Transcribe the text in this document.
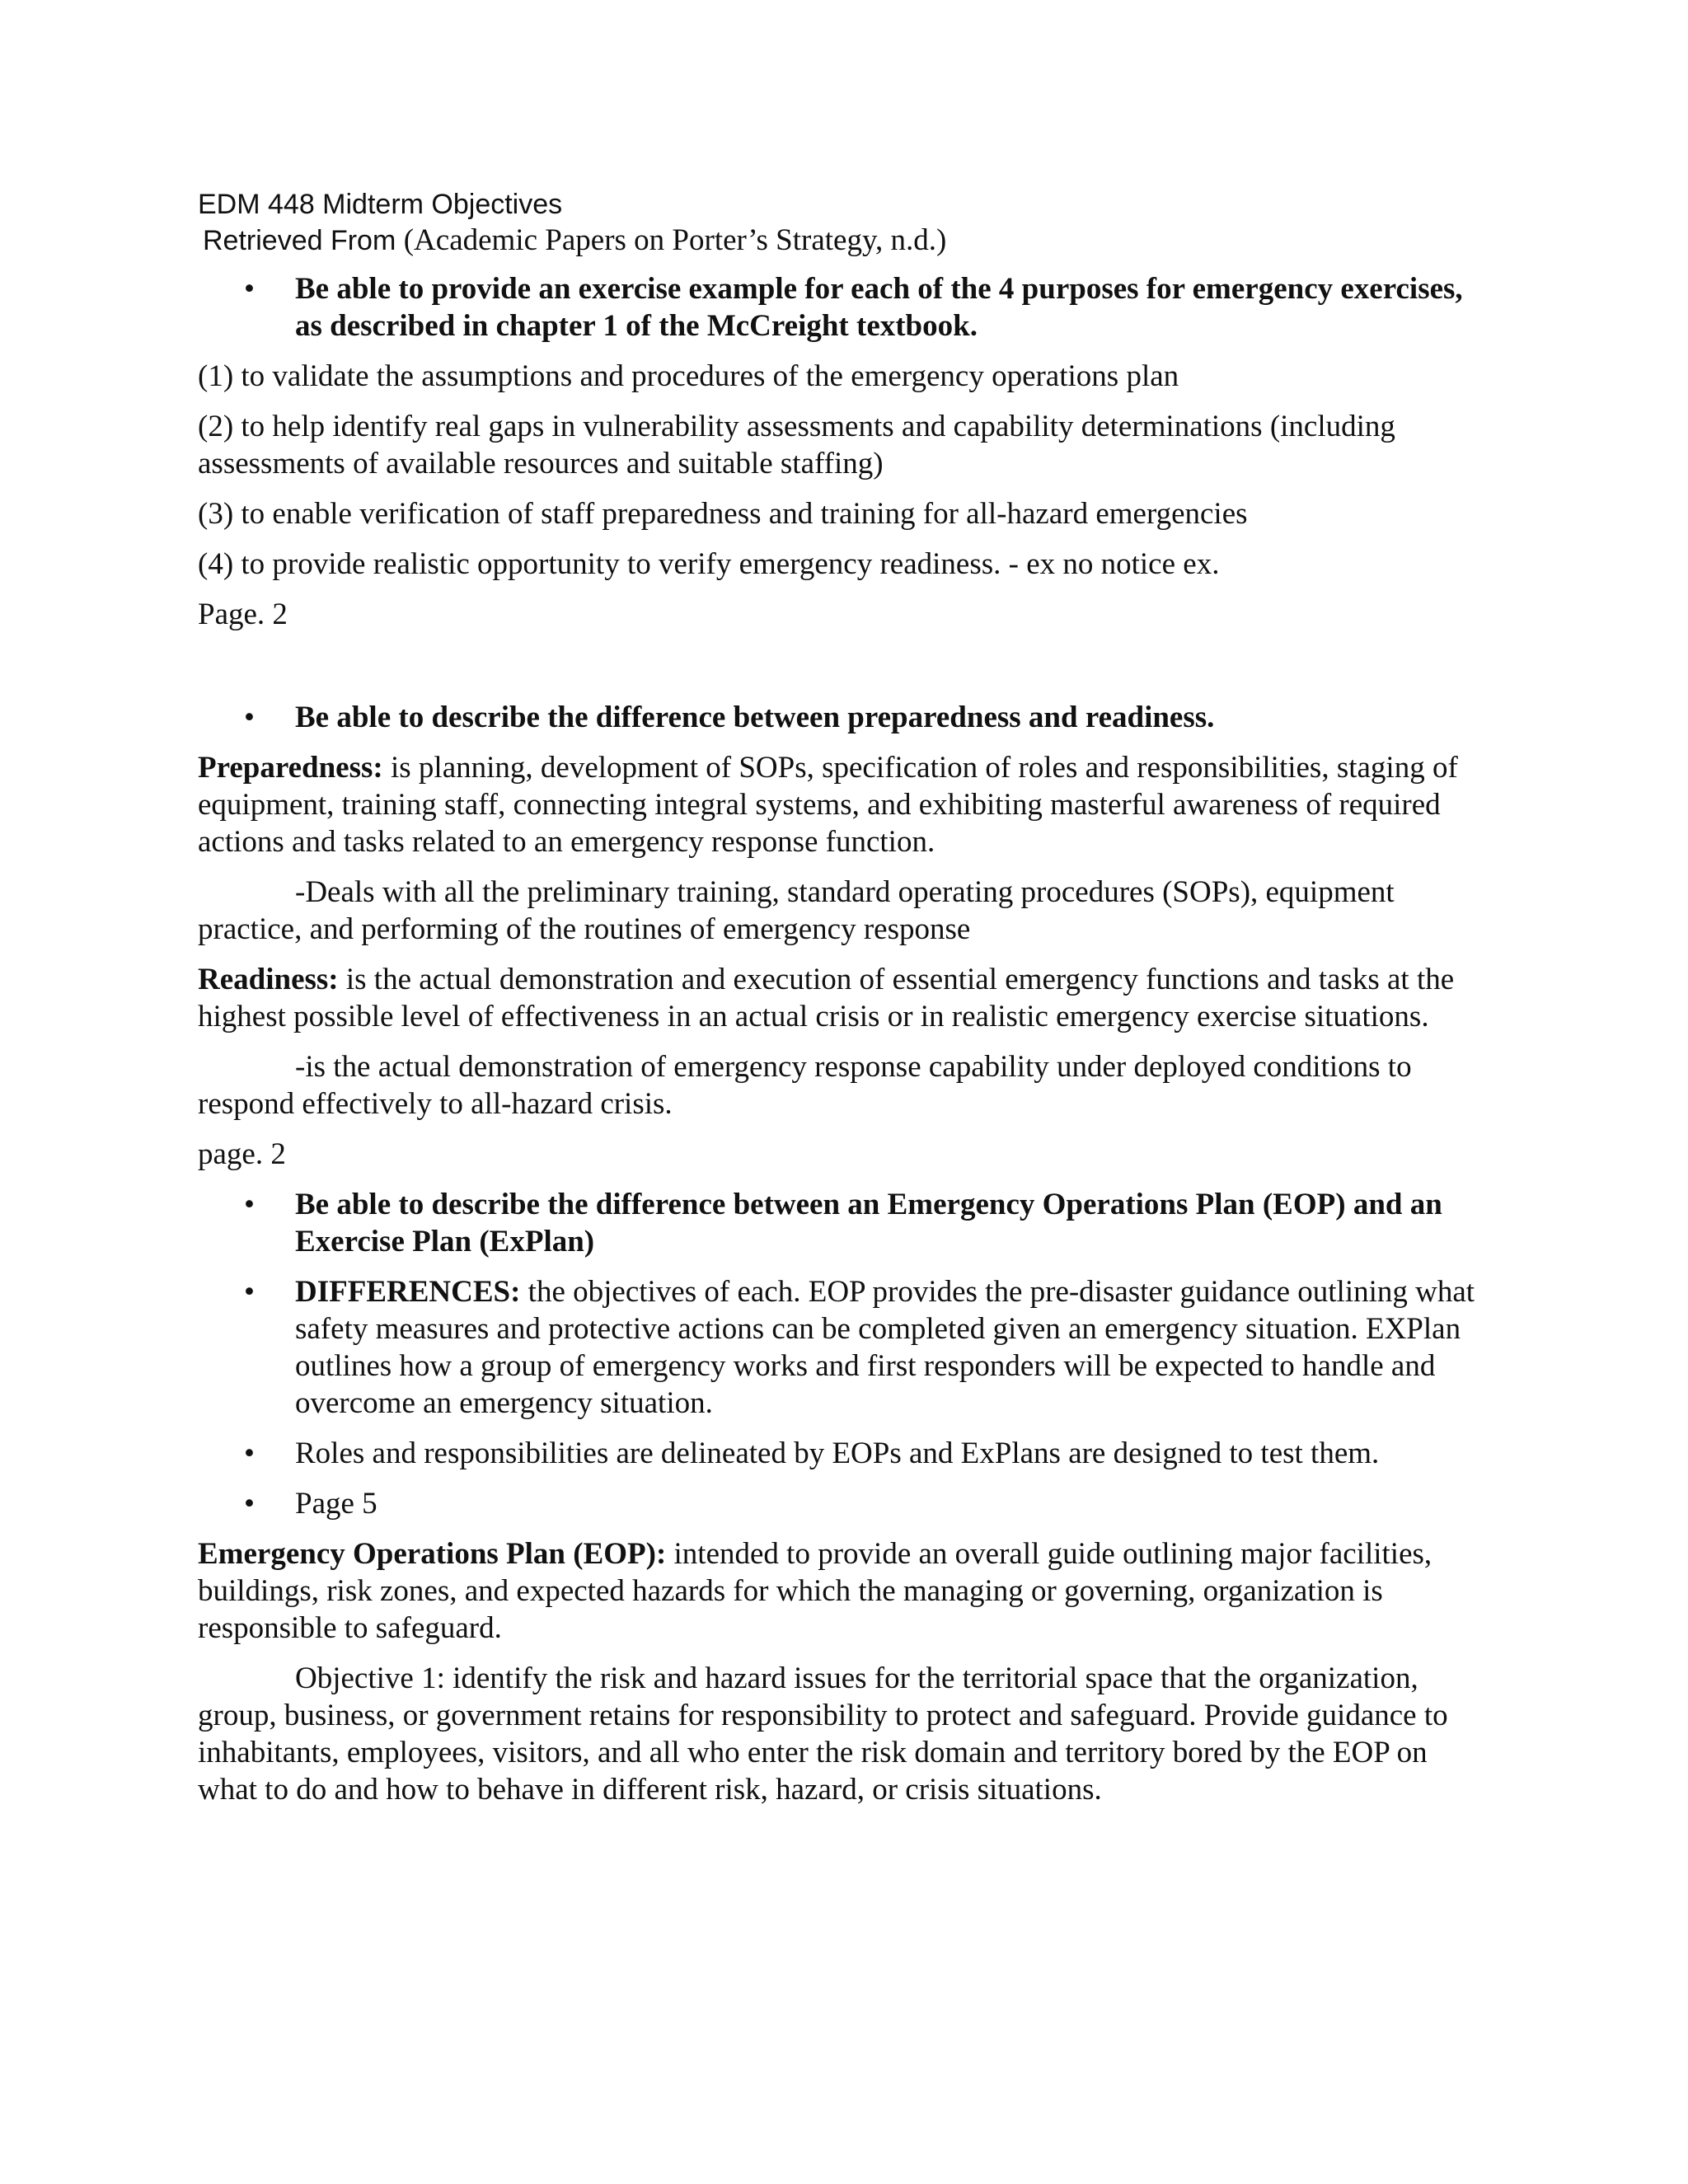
EDM 448 Midterm Objectives

Retrieved From (Academic Papers on Porter’s Strategy, n.d.)

• Be able to provide an exercise example for each of the 4 purposes for emergency exercises, as described in chapter 1 of the McCreight textbook.

(1) to validate the assumptions and procedures of the emergency operations plan

(2) to help identify real gaps in vulnerability assessments and capability determinations (including assessments of available resources and suitable staffing)

(3) to enable verification of staff preparedness and training for all-hazard emergencies

(4) to provide realistic opportunity to verify emergency readiness. - ex no notice ex.

Page. 2

• Be able to describe the difference between preparedness and readiness.

Preparedness: is planning, development of SOPs, specification of roles and responsibilities, staging of equipment, training staff, connecting integral systems, and exhibiting masterful awareness of required actions and tasks related to an emergency response function.

-Deals with all the preliminary training, standard operating procedures (SOPs), equipment practice, and performing of the routines of emergency response

Readiness: is the actual demonstration and execution of essential emergency functions and tasks at the highest possible level of effectiveness in an actual crisis or in realistic emergency exercise situations.

-is the actual demonstration of emergency response capability under deployed conditions to respond effectively to all-hazard crisis.

page. 2

• Be able to describe the difference between an Emergency Operations Plan (EOP) and an Exercise Plan (ExPlan)
• DIFFERENCES: the objectives of each. EOP provides the pre-disaster guidance outlining what safety measures and protective actions can be completed given an emergency situation. EXPlan outlines how a group of emergency works and first responders will be expected to handle and overcome an emergency situation.
• Roles and responsibilities are delineated by EOPs and ExPlans are designed to test them.
• Page 5

Emergency Operations Plan (EOP): intended to provide an overall guide outlining major facilities, buildings, risk zones, and expected hazards for which the managing or governing, organization is responsible to safeguard.

Objective 1: identify the risk and hazard issues for the territorial space that the organization, group, business, or government retains for responsibility to protect and safeguard. Provide guidance to inhabitants, employees, visitors, and all who enter the risk domain and territory bored by the EOP on what to do and how to behave in different risk, hazard, or crisis situations.
